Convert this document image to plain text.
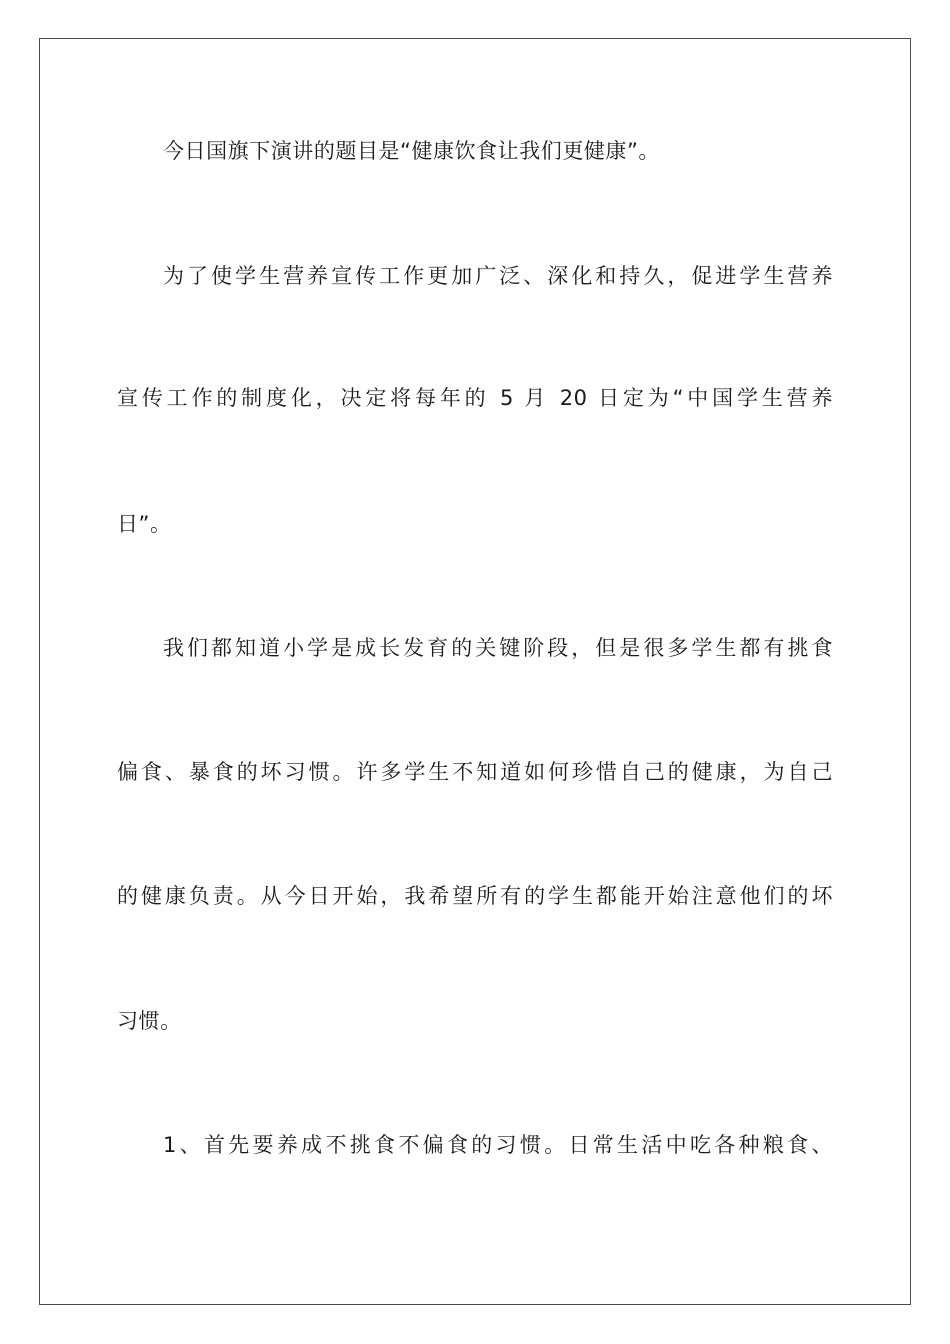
今日国旗下演讲的题目是“健康饮食让我们更健康”。
为了使学生营养宣传工作更加广泛、深化和持久，促进学生营养
宣传工作的制度化，决定将每年的 5 月 20 日定为“中国学生营养
日”。
我们都知道小学是成长发育的关键阶段，但是很多学生都有挑食
偏食、暴食的坏习惯。许多学生不知道如何珍惜自己的健康，为自己
的健康负责。从今日开始，我希望所有的学生都能开始注意他们的坏
习惯。
1、首先要养成不挑食不偏食的习惯。日常生活中吃各种粮食、
